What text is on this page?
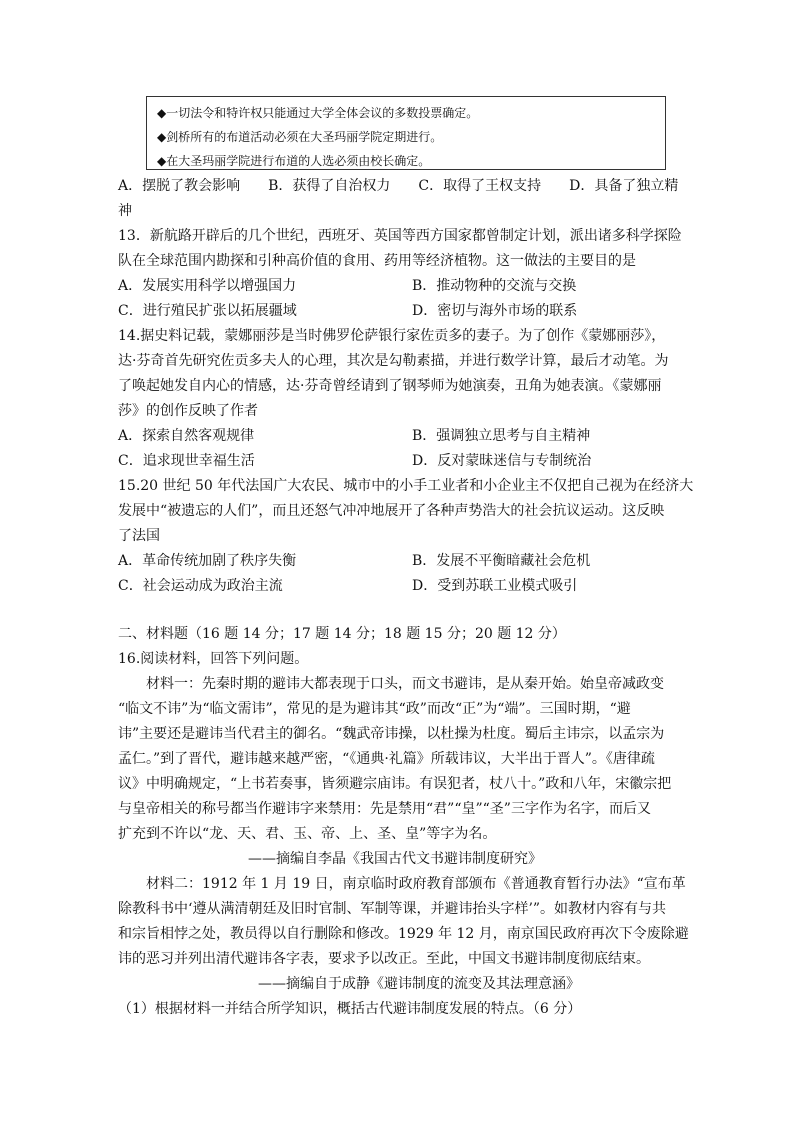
◆一切法令和特许权只能通过大学全体会议的多数投票确定。
◆剑桥所有的布道活动必须在大圣玛丽学院定期进行。
◆在大圣玛丽学院进行布道的人选必须由校长确定。
A．摆脱了教会影响　　B．获得了自治权力　　C．取得了王权支持　　D．具备了独立精
神
13．新航路开辟后的几个世纪，西班牙、英国等西方国家都曾制定计划，派出诸多科学探险
队在全球范围内勘探和引种高价值的食用、药用等经济植物。这一做法的主要目的是
A．发展实用科学以增强国力	B．推动物种的交流与交换
C．进行殖民扩张以拓展疆域	D．密切与海外市场的联系
14.据史料记载，蒙娜丽莎是当时佛罗伦萨银行家佐贡多的妻子。为了创作《蒙娜丽莎》，
达·芬奇首先研究佐贡多夫人的心理，其次是勾勒素描，并进行数学计算，最后才动笔。为
了唤起她发自内心的情感，达·芬奇曾经请到了钢琴师为她演奏，丑角为她表演。《蒙娜丽
莎》的创作反映了作者
A．探索自然客观规律	B．强调独立思考与自主精神
C．追求现世幸福生活	D．反对蒙昧迷信与专制统治
15.20 世纪 50 年代法国广大农民、城市中的小手工业者和小企业主不仅把自己视为在经济大
发展中“被遗忘的人们”，而且还怒气冲冲地展开了各种声势浩大的社会抗议运动。这反映
了法国
A．革命传统加剧了秩序失衡	B．发展不平衡暗藏社会危机
C．社会运动成为政治主流	D．受到苏联工业模式吸引
二、材料题（16 题 14 分；17 题 14 分；18 题 15 分；20 题 12 分）
16.阅读材料，回答下列问题。
材料一：先秦时期的避讳大都表现于口头，而文书避讳，是从秦开始。始皇帝减政变
“临文不讳”为“临文需讳”，常见的是为避讳其“政”而改“正”为“端”。三国时期，“避
讳”主要还是避讳当代君主的御名。“魏武帝讳操，以杜操为杜度。蜀后主讳宗，以孟宗为
孟仁。”到了晋代，避讳越来越严密，“《通典·礼篇》所载讳议，大半出于晋人”。《唐律疏
议》中明确规定，“上书若奏事，皆须避宗庙讳。有误犯者，杖八十。”政和八年，宋徽宗把
与皇帝相关的称号都当作避讳字来禁用：先是禁用“君”“皇”“圣”三字作为名字，而后又
扩充到不许以“龙、天、君、玉、帝、上、圣、皇”等字为名。
——摘编自李晶《我国古代文书避讳制度研究》
材料二：1912 年 1 月 19 日，南京临时政府教育部颁布《普通教育暂行办法》“宣布革
除教科书中‘遵从满清朝廷及旧时官制、军制等课，并避讳抬头字样’”。如教材内容有与共
和宗旨相悖之处，教员得以自行删除和修改。1929 年 12 月，南京国民政府再次下令废除避
讳的恶习并列出清代避讳各字表，要求予以改正。至此，中国文书避讳制度彻底结束。
——摘编自于成静《避讳制度的流变及其法理意涵》
（1）根据材料一并结合所学知识，概括古代避讳制度发展的特点。（6 分）
